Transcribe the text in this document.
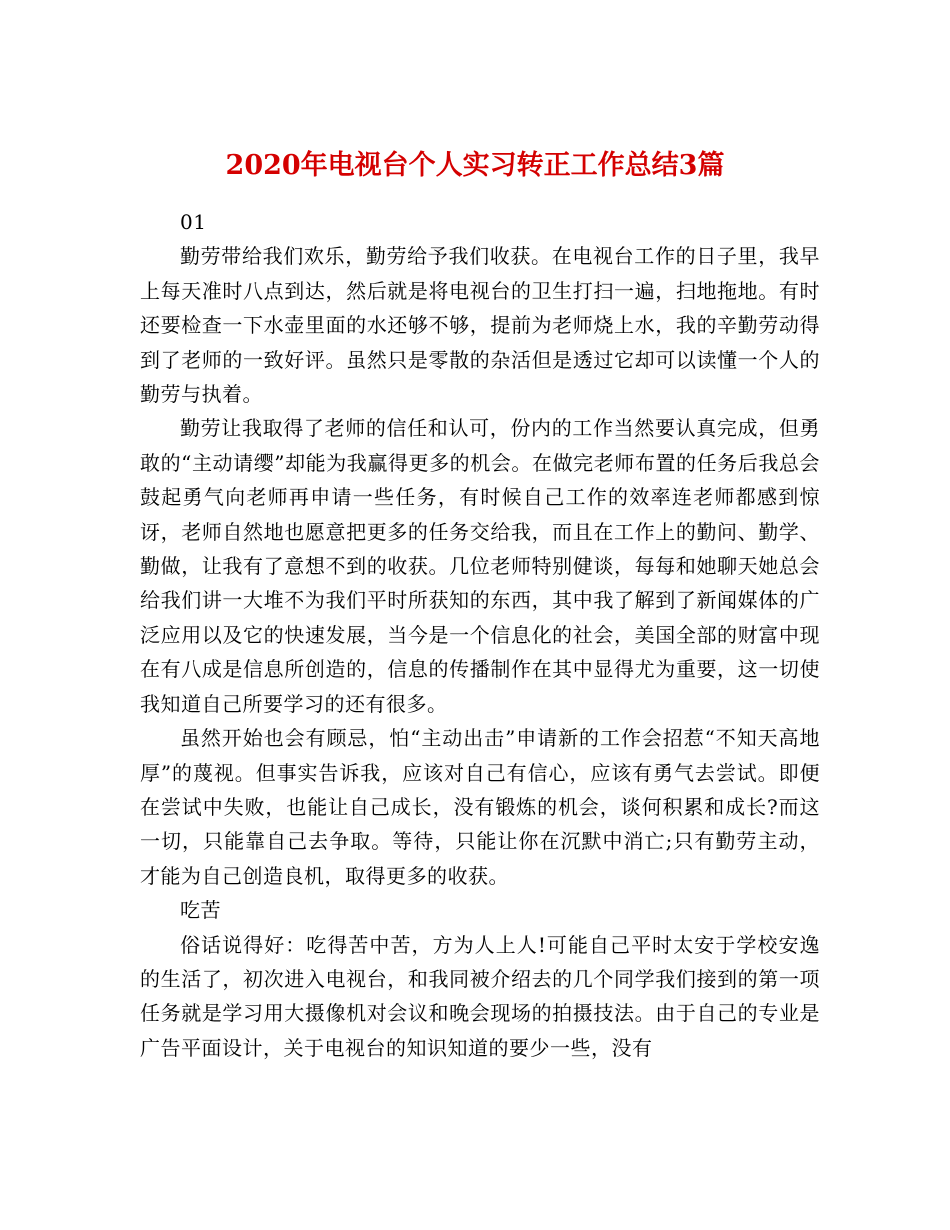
2020年电视台个人实习转正工作总结3篇

01

勤劳带给我们欢乐，勤劳给予我们收获。在电视台工作的日子里，我早上每天准时八点到达，然后就是将电视台的卫生打扫一遍，扫地拖地。有时还要检查一下水壶里面的水还够不够，提前为老师烧上水，我的辛勤劳动得到了老师的一致好评。虽然只是零散的杂活但是透过它却可以读懂一个人的勤劳与执着。

勤劳让我取得了老师的信任和认可，份内的工作当然要认真完成，但勇敢的“主动请缨”却能为我赢得更多的机会。在做完老师布置的任务后我总会鼓起勇气向老师再申请一些任务，有时候自己工作的效率连老师都感到惊讶，老师自然地也愿意把更多的任务交给我，而且在工作上的勤问、勤学、勤做，让我有了意想不到的收获。几位老师特别健谈，每每和她聊天她总会给我们讲一大堆不为我们平时所获知的东西，其中我了解到了新闻媒体的广泛应用以及它的快速发展，当今是一个信息化的社会，美国全部的财富中现在有八成是信息所创造的，信息的传播制作在其中显得尤为重要，这一切使我知道自己所要学习的还有很多。

虽然开始也会有顾忌，怕“主动出击”申请新的工作会招惹“不知天高地厚”的蔑视。但事实告诉我，应该对自己有信心，应该有勇气去尝试。即便在尝试中失败，也能让自己成长，没有锻炼的机会，谈何积累和成长?而这一切，只能靠自己去争取。等待，只能让你在沉默中消亡;只有勤劳主动，才能为自己创造良机，取得更多的收获。

吃苦

俗话说得好：吃得苦中苦，方为人上人!可能自己平时太安于学校安逸的生活了，初次进入电视台，和我同被介绍去的几个同学我们接到的第一项任务就是学习用大摄像机对会议和晚会现场的拍摄技法。由于自己的专业是广告平面设计，关于电视台的知识知道的要少一些，没有
